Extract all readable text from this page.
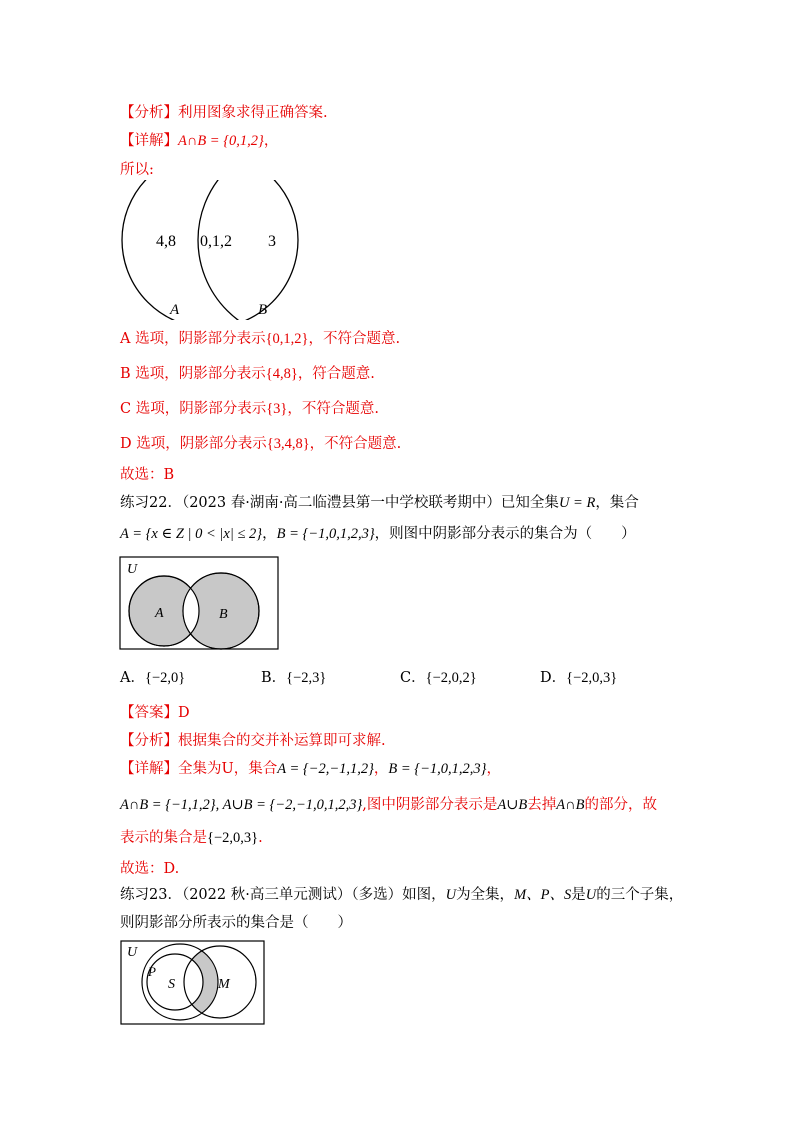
【分析】利用图象求得正确答案.
【详解】A∩B = {0,1,2}，
所以:
4,8 0,1,2 3
A	B
A 选项，阴影部分表示{0,1,2}，不符合题意.
B 选项，阴影部分表示{4,8}，符合题意.
C 选项，阴影部分表示{3}，不符合题意.
D 选项，阴影部分表示{3,4,8}，不符合题意.
故选：B
练习22．（2023 春·湖南·高二临澧县第一中学校联考期中）已知全集U = R，集合
A = {x ∈ Z | 0 < |x| ≤ 2}，B = {−1,0,1,2,3}，则图中阴影部分表示的集合为（　　）
U
A	B
A．{−2,0}	B．{−2,3}	C．{−2,0,2}	D．{−2,0,3}
【答案】D
【分析】根据集合的交并补运算即可求解.
【详解】全集为U，集合A = {−2,−1,1,2}，B = {−1,0,1,2,3}，
A∩B = {−1,1,2}, A∪B = {−2,−1,0,1,2,3},图中阴影部分表示是A∪B去掉A∩B的部分，故
表示的集合是{−2,0,3}.
故选：D.
练习23．（2022 秋·高三单元测试）（多选）如图，U为全集，M、P、S是U的三个子集，
则阴影部分所表示的集合是（　　）
U
P
S	M
